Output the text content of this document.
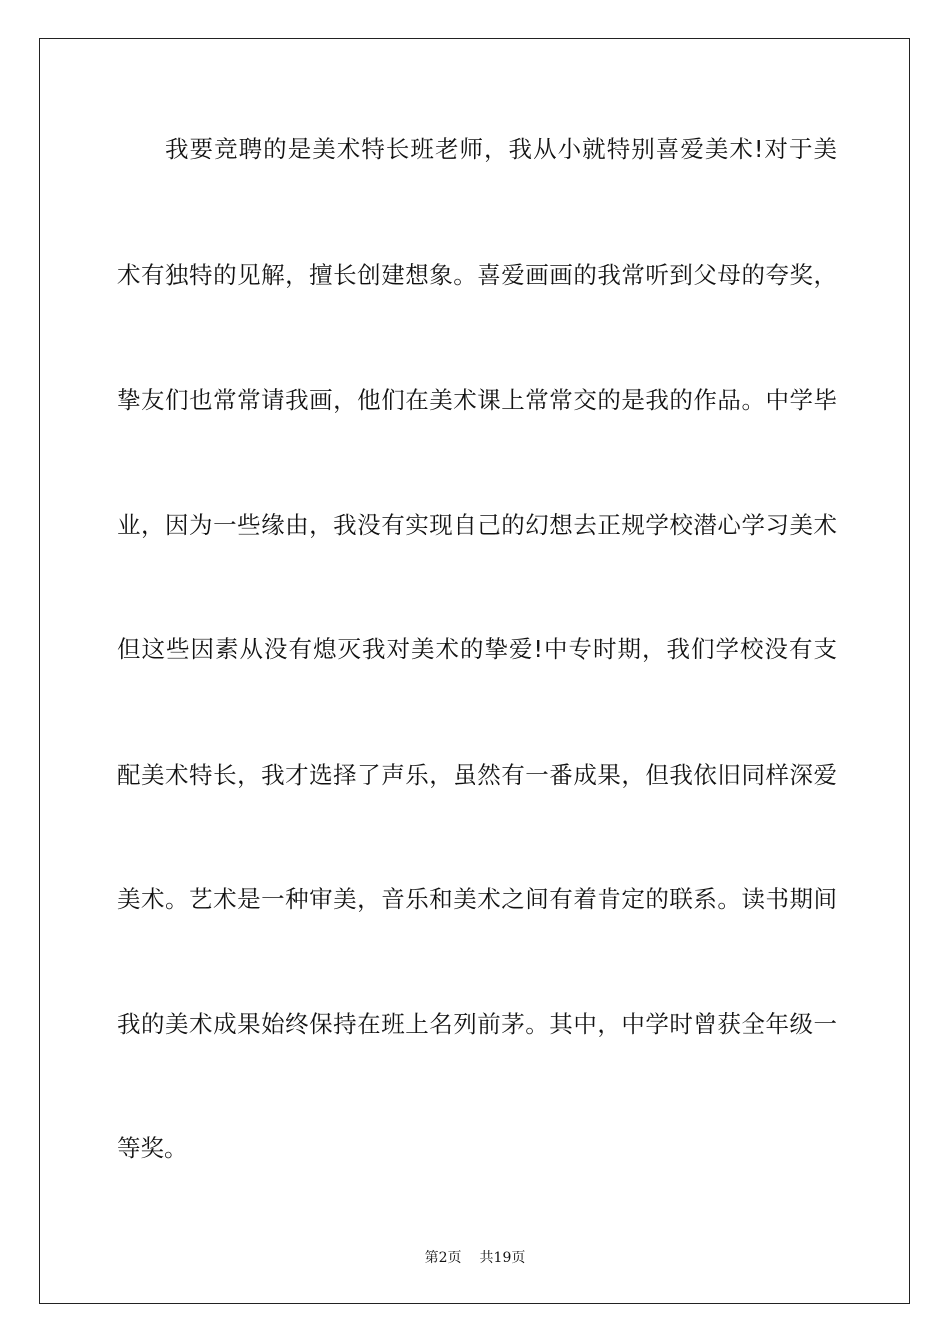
我要竞聘的是美术特长班老师，我从小就特别喜爱美术!对于美
术有独特的见解，擅长创建想象。喜爱画画的我常听到父母的夸奖，
挚友们也常常请我画，他们在美术课上常常交的是我的作品。中学毕
业，因为一些缘由，我没有实现自己的幻想去正规学校潜心学习美术
但这些因素从没有熄灭我对美术的挚爱!中专时期，我们学校没有支
配美术特长，我才选择了声乐，虽然有一番成果，但我依旧同样深爱
美术。艺术是一种审美，音乐和美术之间有着肯定的联系。读书期间
我的美术成果始终保持在班上名列前茅。其中，中学时曾获全年级一
等奖。
第2页 共19页
